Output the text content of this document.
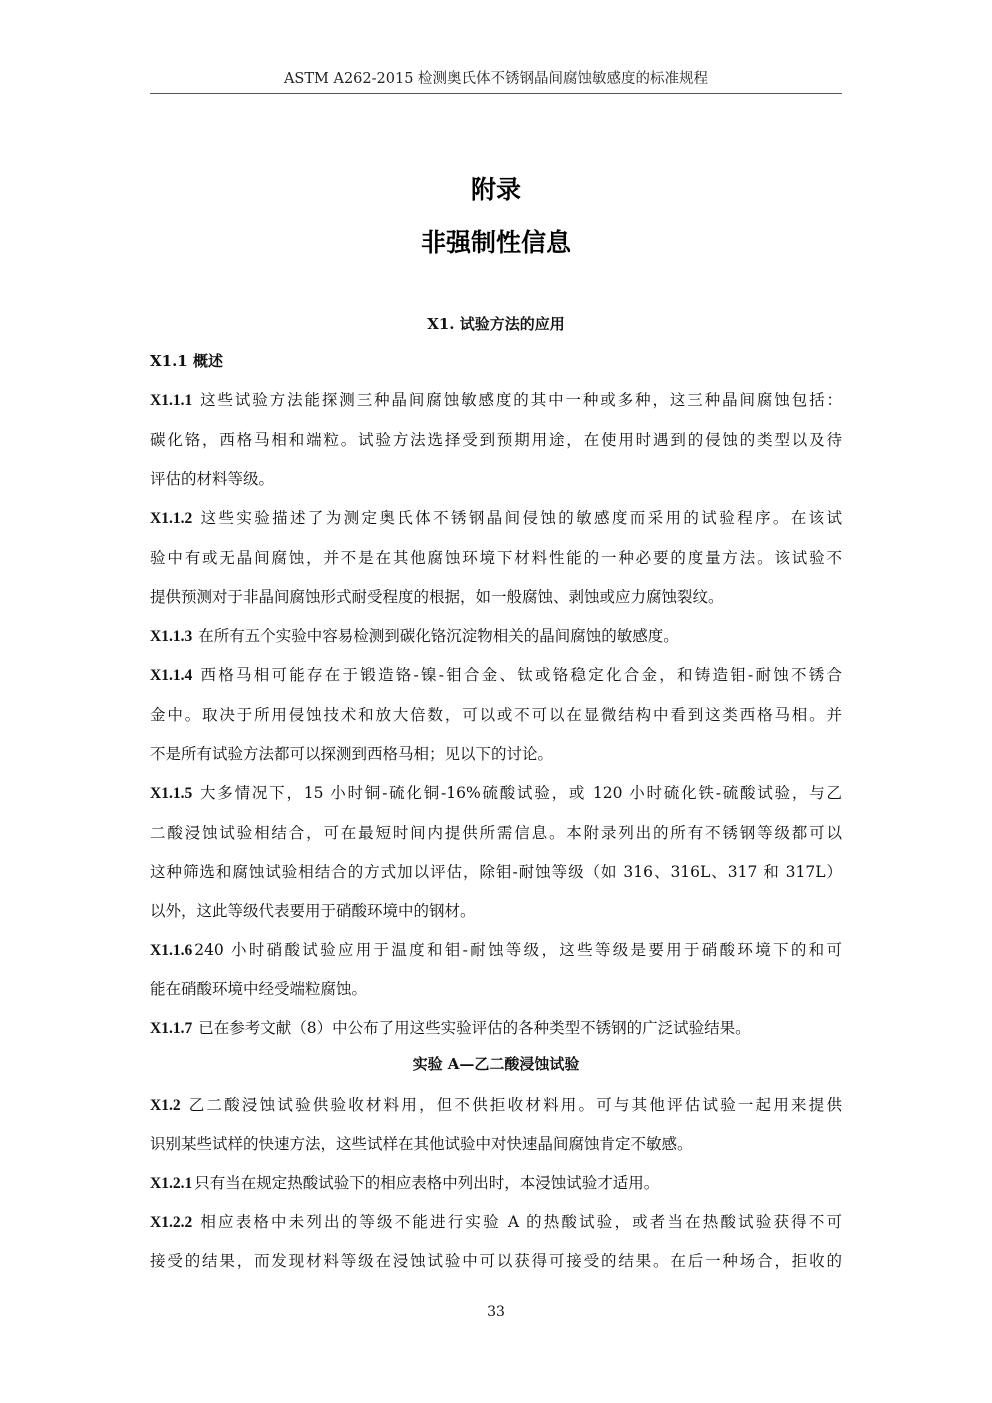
ASTM A262-2015 检测奥氏体不锈钢晶间腐蚀敏感度的标准规程
附录
非强制性信息
X1. 试验方法的应用
X1.1 概述
X1.1.1 这些试验方法能探测三种晶间腐蚀敏感度的其中一种或多种，这三种晶间腐蚀包括：
碳化铬，西格马相和端粒。试验方法选择受到预期用途，在使用时遇到的侵蚀的类型以及待
评估的材料等级。
X1.1.2 这些实验描述了为测定奥氏体不锈钢晶间侵蚀的敏感度而采用的试验程序。在该试
验中有或无晶间腐蚀，并不是在其他腐蚀环境下材料性能的一种必要的度量方法。该试验不
提供预测对于非晶间腐蚀形式耐受程度的根据，如一般腐蚀、剥蚀或应力腐蚀裂纹。
X1.1.3 在所有五个实验中容易检测到碳化铬沉淀物相关的晶间腐蚀的敏感度。
X1.1.4 西格马相可能存在于锻造铬-镍-钼合金、钛或铬稳定化合金，和铸造钼-耐蚀不锈合
金中。取决于所用侵蚀技术和放大倍数，可以或不可以在显微结构中看到这类西格马相。并
不是所有试验方法都可以探测到西格马相；见以下的讨论。
X1.1.5 大多情况下，15 小时铜-硫化铜-16%硫酸试验，或 120 小时硫化铁-硫酸试验，与乙
二酸浸蚀试验相结合，可在最短时间内提供所需信息。本附录列出的所有不锈钢等级都可以
这种筛选和腐蚀试验相结合的方式加以评估，除钼-耐蚀等级（如 316、316L、317 和 317L）
以外，这此等级代表要用于硝酸环境中的钢材。
X1.1.6 240 小时硝酸试验应用于温度和钼-耐蚀等级，这些等级是要用于硝酸环境下的和可
能在硝酸环境中经受端粒腐蚀。
X1.1.7 已在参考文献（8）中公布了用这些实验评估的各种类型不锈钢的广泛试验结果。
实验 A—乙二酸浸蚀试验
X1.2 乙二酸浸蚀试验供验收材料用，但不供拒收材料用。可与其他评估试验一起用来提供
识别某些试样的快速方法，这些试样在其他试验中对快速晶间腐蚀肯定不敏感。
X1.2.1 只有当在规定热酸试验下的相应表格中列出时，本浸蚀试验才适用。
X1.2.2 相应表格中未列出的等级不能进行实验 A 的热酸试验，或者当在热酸试验获得不可
接受的结果，而发现材料等级在浸蚀试验中可以获得可接受的结果。在后一种场合，拒收的
33
